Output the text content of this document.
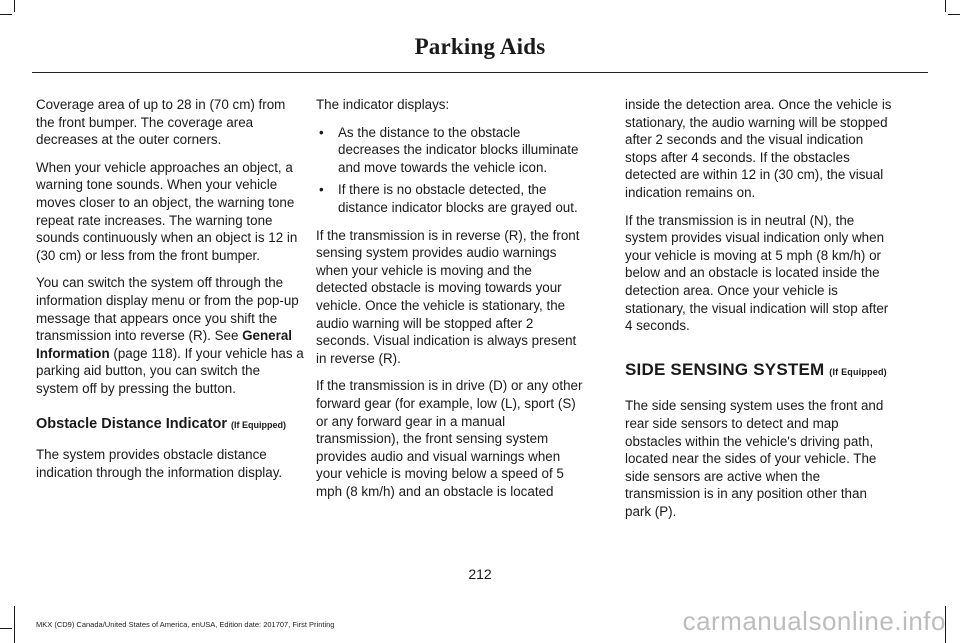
Parking Aids

Coverage area of up to 28 in (70 cm) from the front bumper. The coverage area decreases at the outer corners.

When your vehicle approaches an object, a warning tone sounds. When your vehicle moves closer to an object, the warning tone repeat rate increases. The warning tone sounds continuously when an object is 12 in (30 cm) or less from the front bumper.

You can switch the system off through the information display menu or from the pop-up message that appears once you shift the transmission into reverse (R). See General Information (page 118). If your vehicle has a parking aid button, you can switch the system off by pressing the button.

Obstacle Distance Indicator (If Equipped)

The system provides obstacle distance indication through the information display.

The indicator displays:

• As the distance to the obstacle decreases the indicator blocks illuminate and move towards the vehicle icon.
• If there is no obstacle detected, the distance indicator blocks are grayed out.

If the transmission is in reverse (R), the front sensing system provides audio warnings when your vehicle is moving and the detected obstacle is moving towards your vehicle. Once the vehicle is stationary, the audio warning will be stopped after 2 seconds. Visual indication is always present in reverse (R).

If the transmission is in drive (D) or any other forward gear (for example, low (L), sport (S) or any forward gear in a manual transmission), the front sensing system provides audio and visual warnings when your vehicle is moving below a speed of 5 mph (8 km/h) and an obstacle is located

inside the detection area. Once the vehicle is stationary, the audio warning will be stopped after 2 seconds and the visual indication stops after 4 seconds. If the obstacles detected are within 12 in (30 cm), the visual indication remains on.

If the transmission is in neutral (N), the system provides visual indication only when your vehicle is moving at 5 mph (8 km/h) or below and an obstacle is located inside the detection area. Once your vehicle is stationary, the visual indication will stop after 4 seconds.

SIDE SENSING SYSTEM (If Equipped)

The side sensing system uses the front and rear side sensors to detect and map obstacles within the vehicle's driving path, located near the sides of your vehicle. The side sensors are active when the transmission is in any position other than park (P).

212
MKX (CD9) Canada/United States of America, enUSA, Edition date: 201707, First Printing	carmanualsonline.info
